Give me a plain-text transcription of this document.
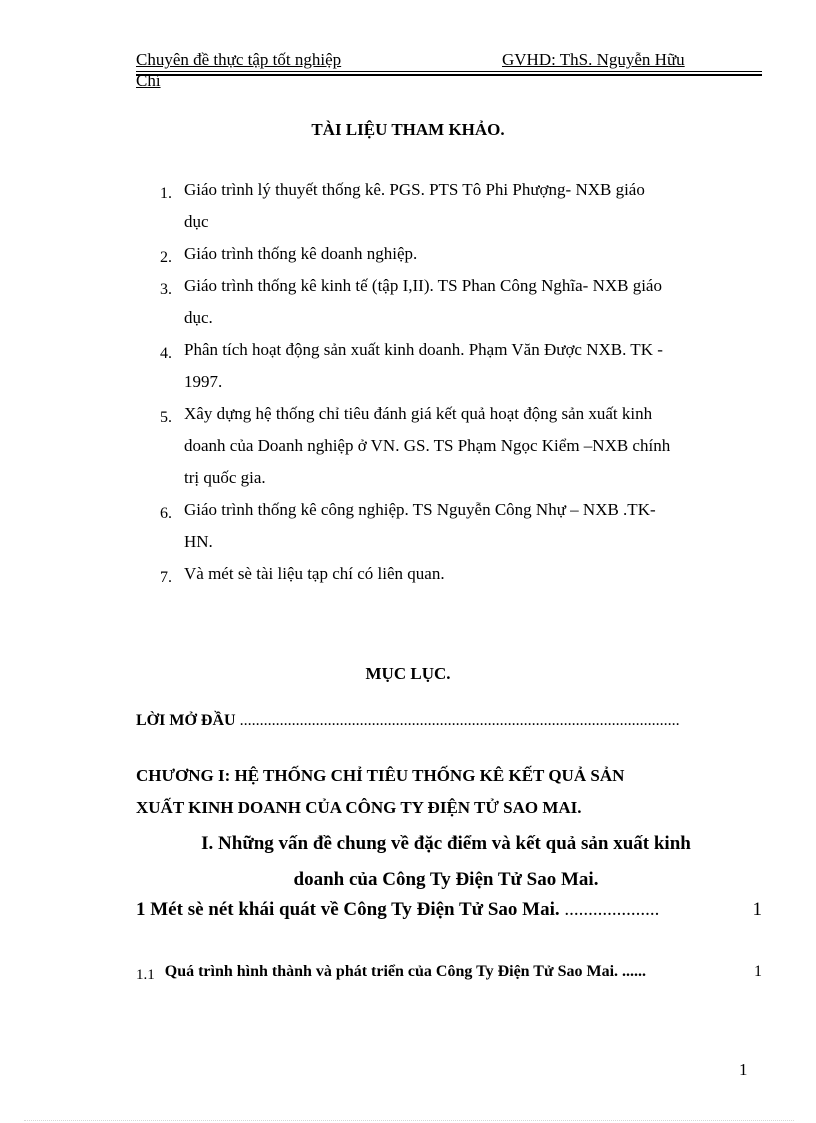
Chuyên đề thực tập tốt nghiệp	GVHD: ThS. Nguyễn Hữu
Chí
TÀI LIỆU THAM KHẢO.
1. Giáo trình lý thuyết thống kê. PGS. PTS Tô Phi Phượng- NXB giáo
dục
2. Giáo trình thống kê doanh nghiệp.
3. Giáo trình thống kê kinh tế (tập I,II). TS Phan Công Nghĩa- NXB giáo
dục.
4. Phân tích hoạt động sản xuất kinh doanh. Phạm Văn Được NXB. TK -
1997.
5. Xây dựng hệ thống chỉ tiêu đánh giá kết quả hoạt động sản xuất kinh
doanh của Doanh nghiệp ở VN. GS. TS Phạm Ngọc Kiểm –NXB chính
trị quốc gia.
6. Giáo trình thống kê công nghiệp. TS Nguyễn Công Nhự – NXB .TK-
HN.
7. Và mét sè tài liệu tạp chí có liên quan.
MỤC LỤC.
LỜI MỞ ĐẦU ..............................................................................................................
CHƯƠNG I: HỆ THỐNG CHỈ TIÊU THỐNG KÊ KẾT QUẢ SẢN
XUẤT KINH DOANH CỦA CÔNG TY ĐIỆN TỬ SAO MAI.
I. Những vấn đề chung về đặc điểm và kết quả sản xuất kinh
doanh của Công Ty Điện Tử Sao Mai.
1 Mét sè nét khái quát về Công Ty Điện Tử Sao Mai. ....................	1
1.1 Quá trình hình thành và phát triển của Công Ty Điện Tử Sao Mai. ......	1
1
